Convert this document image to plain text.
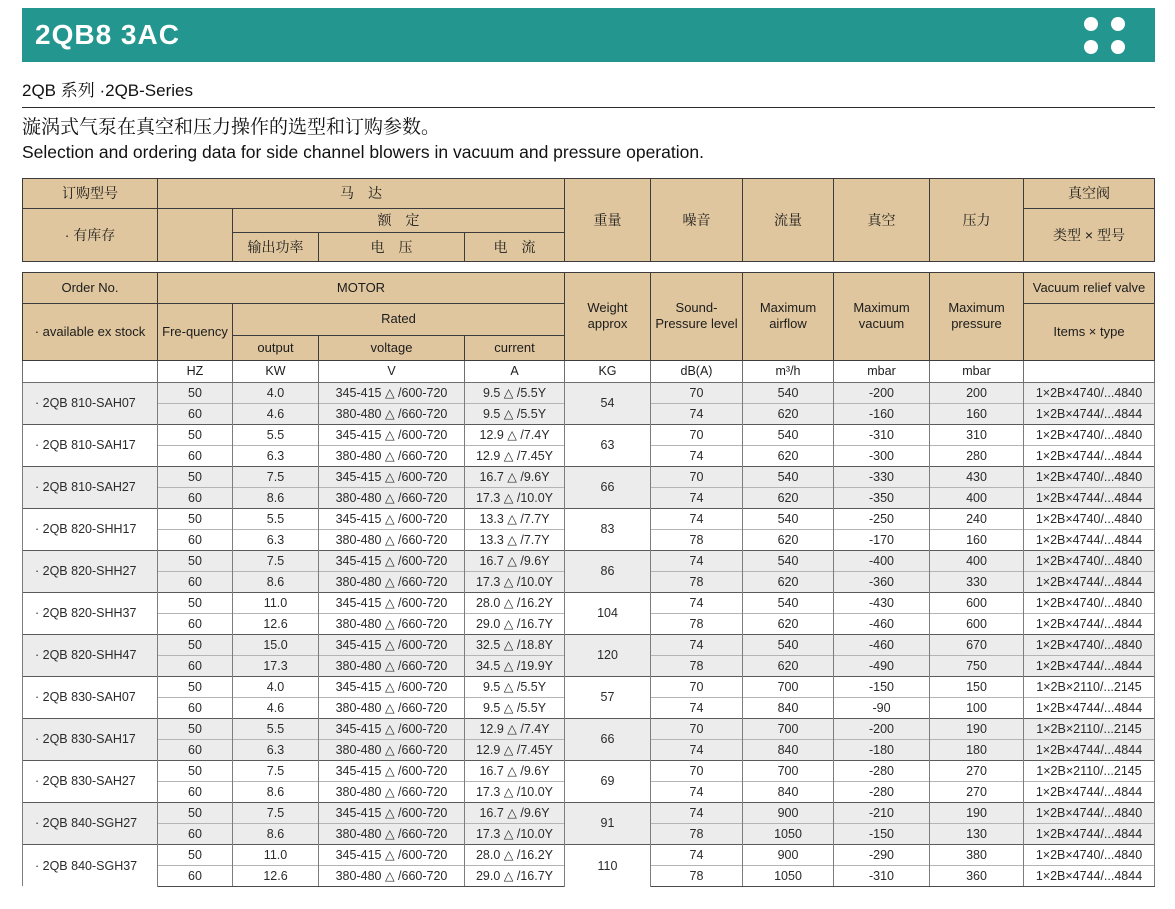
2QB8 3AC
2QB 系列 ·2QB-Series
漩涡式气泵在真空和压力操作的选型和订购参数。
Selection and ordering data for side channel blowers in vacuum and pressure operation.
订购型号	马　达				重量	噪音	流量	真空	压力	真空阀
· 有库存		额　定								类型 × 型号
		输出功率	电　压	电　流						

Order No.	MOTOR				Weight approx	Sound- Pressure level	Maximum airflow	Maximum vacuum	Maximum pressure	Vacuum relief valve
· available ex stock	Fre-quency	Rated								Items × type
		output	voltage	current						
	HZ	KW	V	A	KG	dB(A)	m³/h	mbar	mbar	
· 2QB 810-SAH07	50	4.0	345-415 △ /600-720	9.5 △ /5.5Y	54	70	540	-200	200	1×2B×4740/...4840
	60	4.6	380-480 △ /660-720	9.5 △ /5.5Y		74	620	-160	160	1×2B×4744/...4844
· 2QB 810-SAH17	50	5.5	345-415 △ /600-720	12.9 △ /7.4Y	63	70	540	-310	310	1×2B×4740/...4840
	60	6.3	380-480 △ /660-720	12.9 △ /7.45Y		74	620	-300	280	1×2B×4744/...4844
· 2QB 810-SAH27	50	7.5	345-415 △ /600-720	16.7 △ /9.6Y	66	70	540	-330	430	1×2B×4740/...4840
	60	8.6	380-480 △ /660-720	17.3 △ /10.0Y		74	620	-350	400	1×2B×4744/...4844
· 2QB 820-SHH17	50	5.5	345-415 △ /600-720	13.3 △ /7.7Y	83	74	540	-250	240	1×2B×4740/...4840
	60	6.3	380-480 △ /660-720	13.3 △ /7.7Y		78	620	-170	160	1×2B×4744/...4844
· 2QB 820-SHH27	50	7.5	345-415 △ /600-720	16.7 △ /9.6Y	86	74	540	-400	400	1×2B×4740/...4840
	60	8.6	380-480 △ /660-720	17.3 △ /10.0Y		78	620	-360	330	1×2B×4744/...4844
· 2QB 820-SHH37	50	11.0	345-415 △ /600-720	28.0 △ /16.2Y	104	74	540	-430	600	1×2B×4740/...4840
	60	12.6	380-480 △ /660-720	29.0 △ /16.7Y		78	620	-460	600	1×2B×4744/...4844
· 2QB 820-SHH47	50	15.0	345-415 △ /600-720	32.5 △ /18.8Y	120	74	540	-460	670	1×2B×4740/...4840
	60	17.3	380-480 △ /660-720	34.5 △ /19.9Y		78	620	-490	750	1×2B×4744/...4844
· 2QB 830-SAH07	50	4.0	345-415 △ /600-720	9.5 △ /5.5Y	57	70	700	-150	150	1×2B×2110/...2145
	60	4.6	380-480 △ /660-720	9.5 △ /5.5Y		74	840	-90	100	1×2B×4744/...4844
· 2QB 830-SAH17	50	5.5	345-415 △ /600-720	12.9 △ /7.4Y	66	70	700	-200	190	1×2B×2110/...2145
	60	6.3	380-480 △ /660-720	12.9 △ /7.45Y		74	840	-180	180	1×2B×4744/...4844
· 2QB 830-SAH27	50	7.5	345-415 △ /600-720	16.7 △ /9.6Y	69	70	700	-280	270	1×2B×2110/...2145
	60	8.6	380-480 △ /660-720	17.3 △ /10.0Y		74	840	-280	270	1×2B×4744/...4844
· 2QB 840-SGH27	50	7.5	345-415 △ /600-720	16.7 △ /9.6Y	91	74	900	-210	190	1×2B×4744/...4840
	60	8.6	380-480 △ /660-720	17.3 △ /10.0Y		78	1050	-150	130	1×2B×4744/...4844
· 2QB 840-SGH37	50	11.0	345-415 △ /600-720	28.0 △ /16.2Y	110	74	900	-290	380	1×2B×4740/...4840
	60	12.6	380-480 △ /660-720	29.0 △ /16.7Y		78	1050	-310	360	1×2B×4744/...4844
